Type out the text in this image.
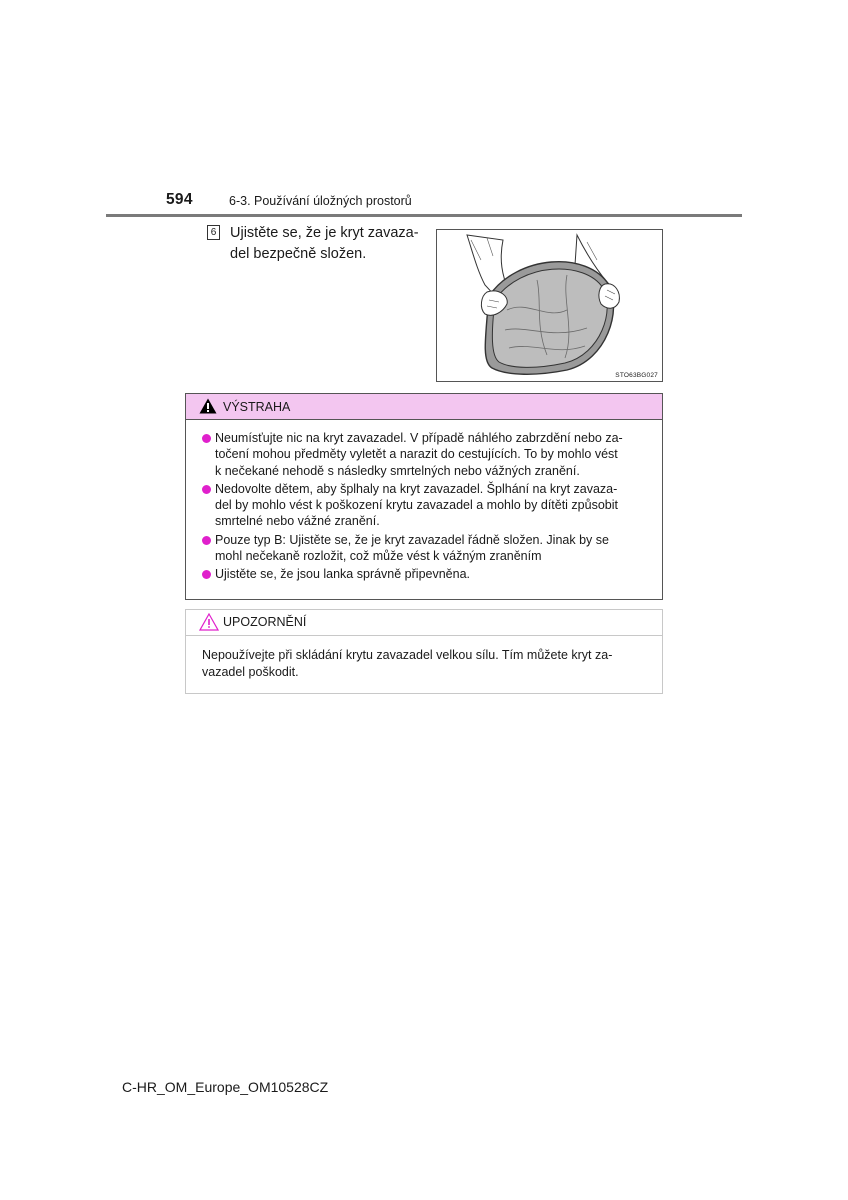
594	6-3. Používání úložných prostorů
6 Ujistěte se, že je kryt zavaza-
del bezpečně složen.
STO63BG027
VÝSTRAHA
Neumísťujte nic na kryt zavazadel. V případě náhlého zabrzdění nebo za-
točení mohou předměty vyletět a narazit do cestujících. To by mohlo vést
k nečekané nehodě s následky smrtelných nebo vážných zranění.
Nedovolte dětem, aby šplhaly na kryt zavazadel. Šplhání na kryt zavaza-
del by mohlo vést k poškození krytu zavazadel a mohlo by dítěti způsobit
smrtelné nebo vážné zranění.
Pouze typ B: Ujistěte se, že je kryt zavazadel řádně složen. Jinak by se
mohl nečekaně rozložit, což může vést k vážným zraněním
Ujistěte se, že jsou lanka správně připevněna.
UPOZORNĚNÍ
Nepoužívejte při skládání krytu zavazadel velkou sílu. Tím můžete kryt za-
vazadel poškodit.
C-HR_OM_Europe_OM10528CZ
